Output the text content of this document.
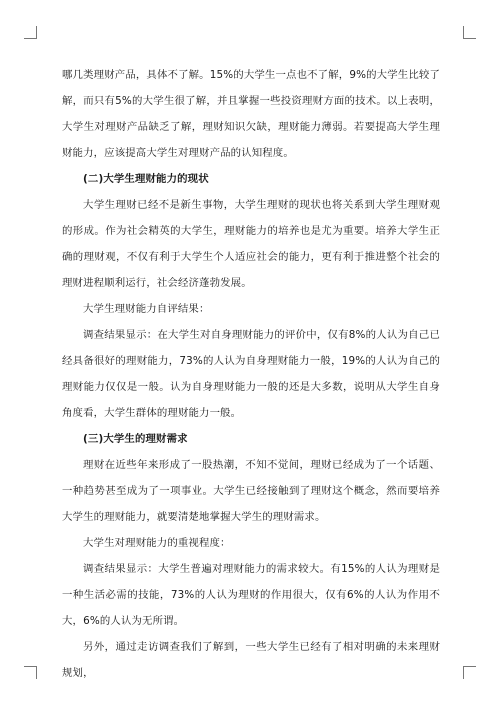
哪几类理财产品，具体不了解。15%的大学生一点也不了解，9%的大学生比较了解，而只有5%的大学生很了解，并且掌握一些投资理财方面的技术。以上表明，大学生对理财产品缺乏了解，理财知识欠缺，理财能力薄弱。若要提高大学生理财能力，应该提高大学生对理财产品的认知程度。

(二)大学生理财能力的现状

大学生理财已经不是新生事物，大学生理财的现状也将关系到大学生理财观的形成。作为社会精英的大学生，理财能力的培养也是尤为重要。培养大学生正确的理财观，不仅有利于大学生个人适应社会的能力，更有利于推进整个社会的理财进程顺利运行，社会经济蓬勃发展。

大学生理财能力自评结果：

调查结果显示：在大学生对自身理财能力的评价中，仅有8%的人认为自己已经具备很好的理财能力，73%的人认为自身理财能力一般，19%的人认为自己的理财能力仅仅是一般。认为自身理财能力一般的还是大多数，说明从大学生自身角度看，大学生群体的理财能力一般。

(三)大学生的理财需求

理财在近些年来形成了一股热潮，不知不觉间，理财已经成为了一个话题、一种趋势甚至成为了一项事业。大学生已经接触到了理财这个概念，然而要培养大学生的理财能力，就要清楚地掌握大学生的理财需求。

大学生对理财能力的重视程度：

调查结果显示：大学生普遍对理财能力的需求较大。有15%的人认为理财是一种生活必需的技能，73%的人认为理财的作用很大，仅有6%的人认为作用不大，6%的人认为无所谓。

另外，通过走访调查我们了解到，一些大学生已经有了相对明确的未来理财规划，
